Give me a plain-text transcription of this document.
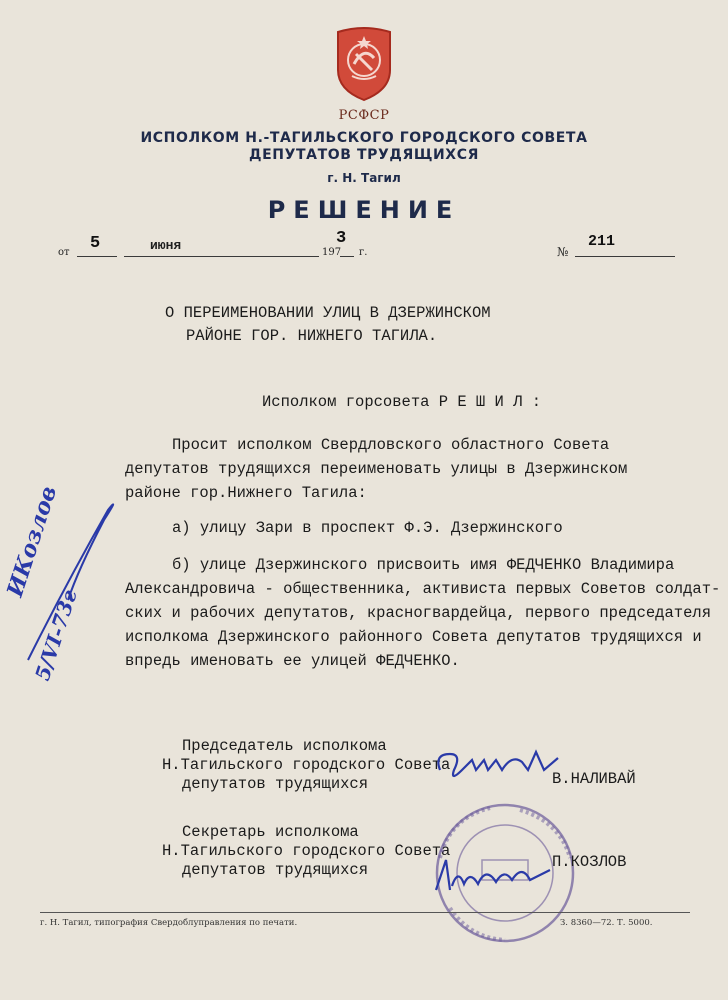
РСФСР
ИСПОЛКОМ Н.-ТАГИЛЬСКОГО ГОРОДСКОГО СОВЕТА
ДЕПУТАТОВ ТРУДЯЩИХСЯ
г. Н. Тагил
РЕШЕНИЕ
от 5	июня	197
3
г.	№
211
О ПЕРЕИМЕНОВАНИИ УЛИЦ В ДЗЕРЖИНСКОМ
РАЙОНЕ ГОР. НИЖНЕГО ТАГИЛА.
Исполком горсовета Р Е Ш И Л :
Просит исполком Свердловского областного Совета
депутатов трудящихся переименовать улицы в Дзержинском
районе гор.Нижнего Тагила:
а) улицу Зари в проспект Ф.Э. Дзержинского
б) улице Дзержинского присвоить имя ФЕДЧЕНКО Владимира
Александровича - общественника, активиста первых Советов солдат-
ских и рабочих депутатов, красногвардейца, первого председателя
исполкома Дзержинского районного Совета депутатов трудящихся и
впредь именовать ее улицей ФЕДЧЕНКО.
ИКозлов
5/VI-73г
Председатель исполкома
Н.Тагильского городского Совета
депутатов трудящихся	В.НАЛИВАЙ
Секретарь исполкома
Н.Тагильского городского Совета
депутатов трудящихся	П.КОЗЛОВ
г. Н. Тагил, типография Свердоблуправления по печати.	З. 8360—72. Т. 5000.
